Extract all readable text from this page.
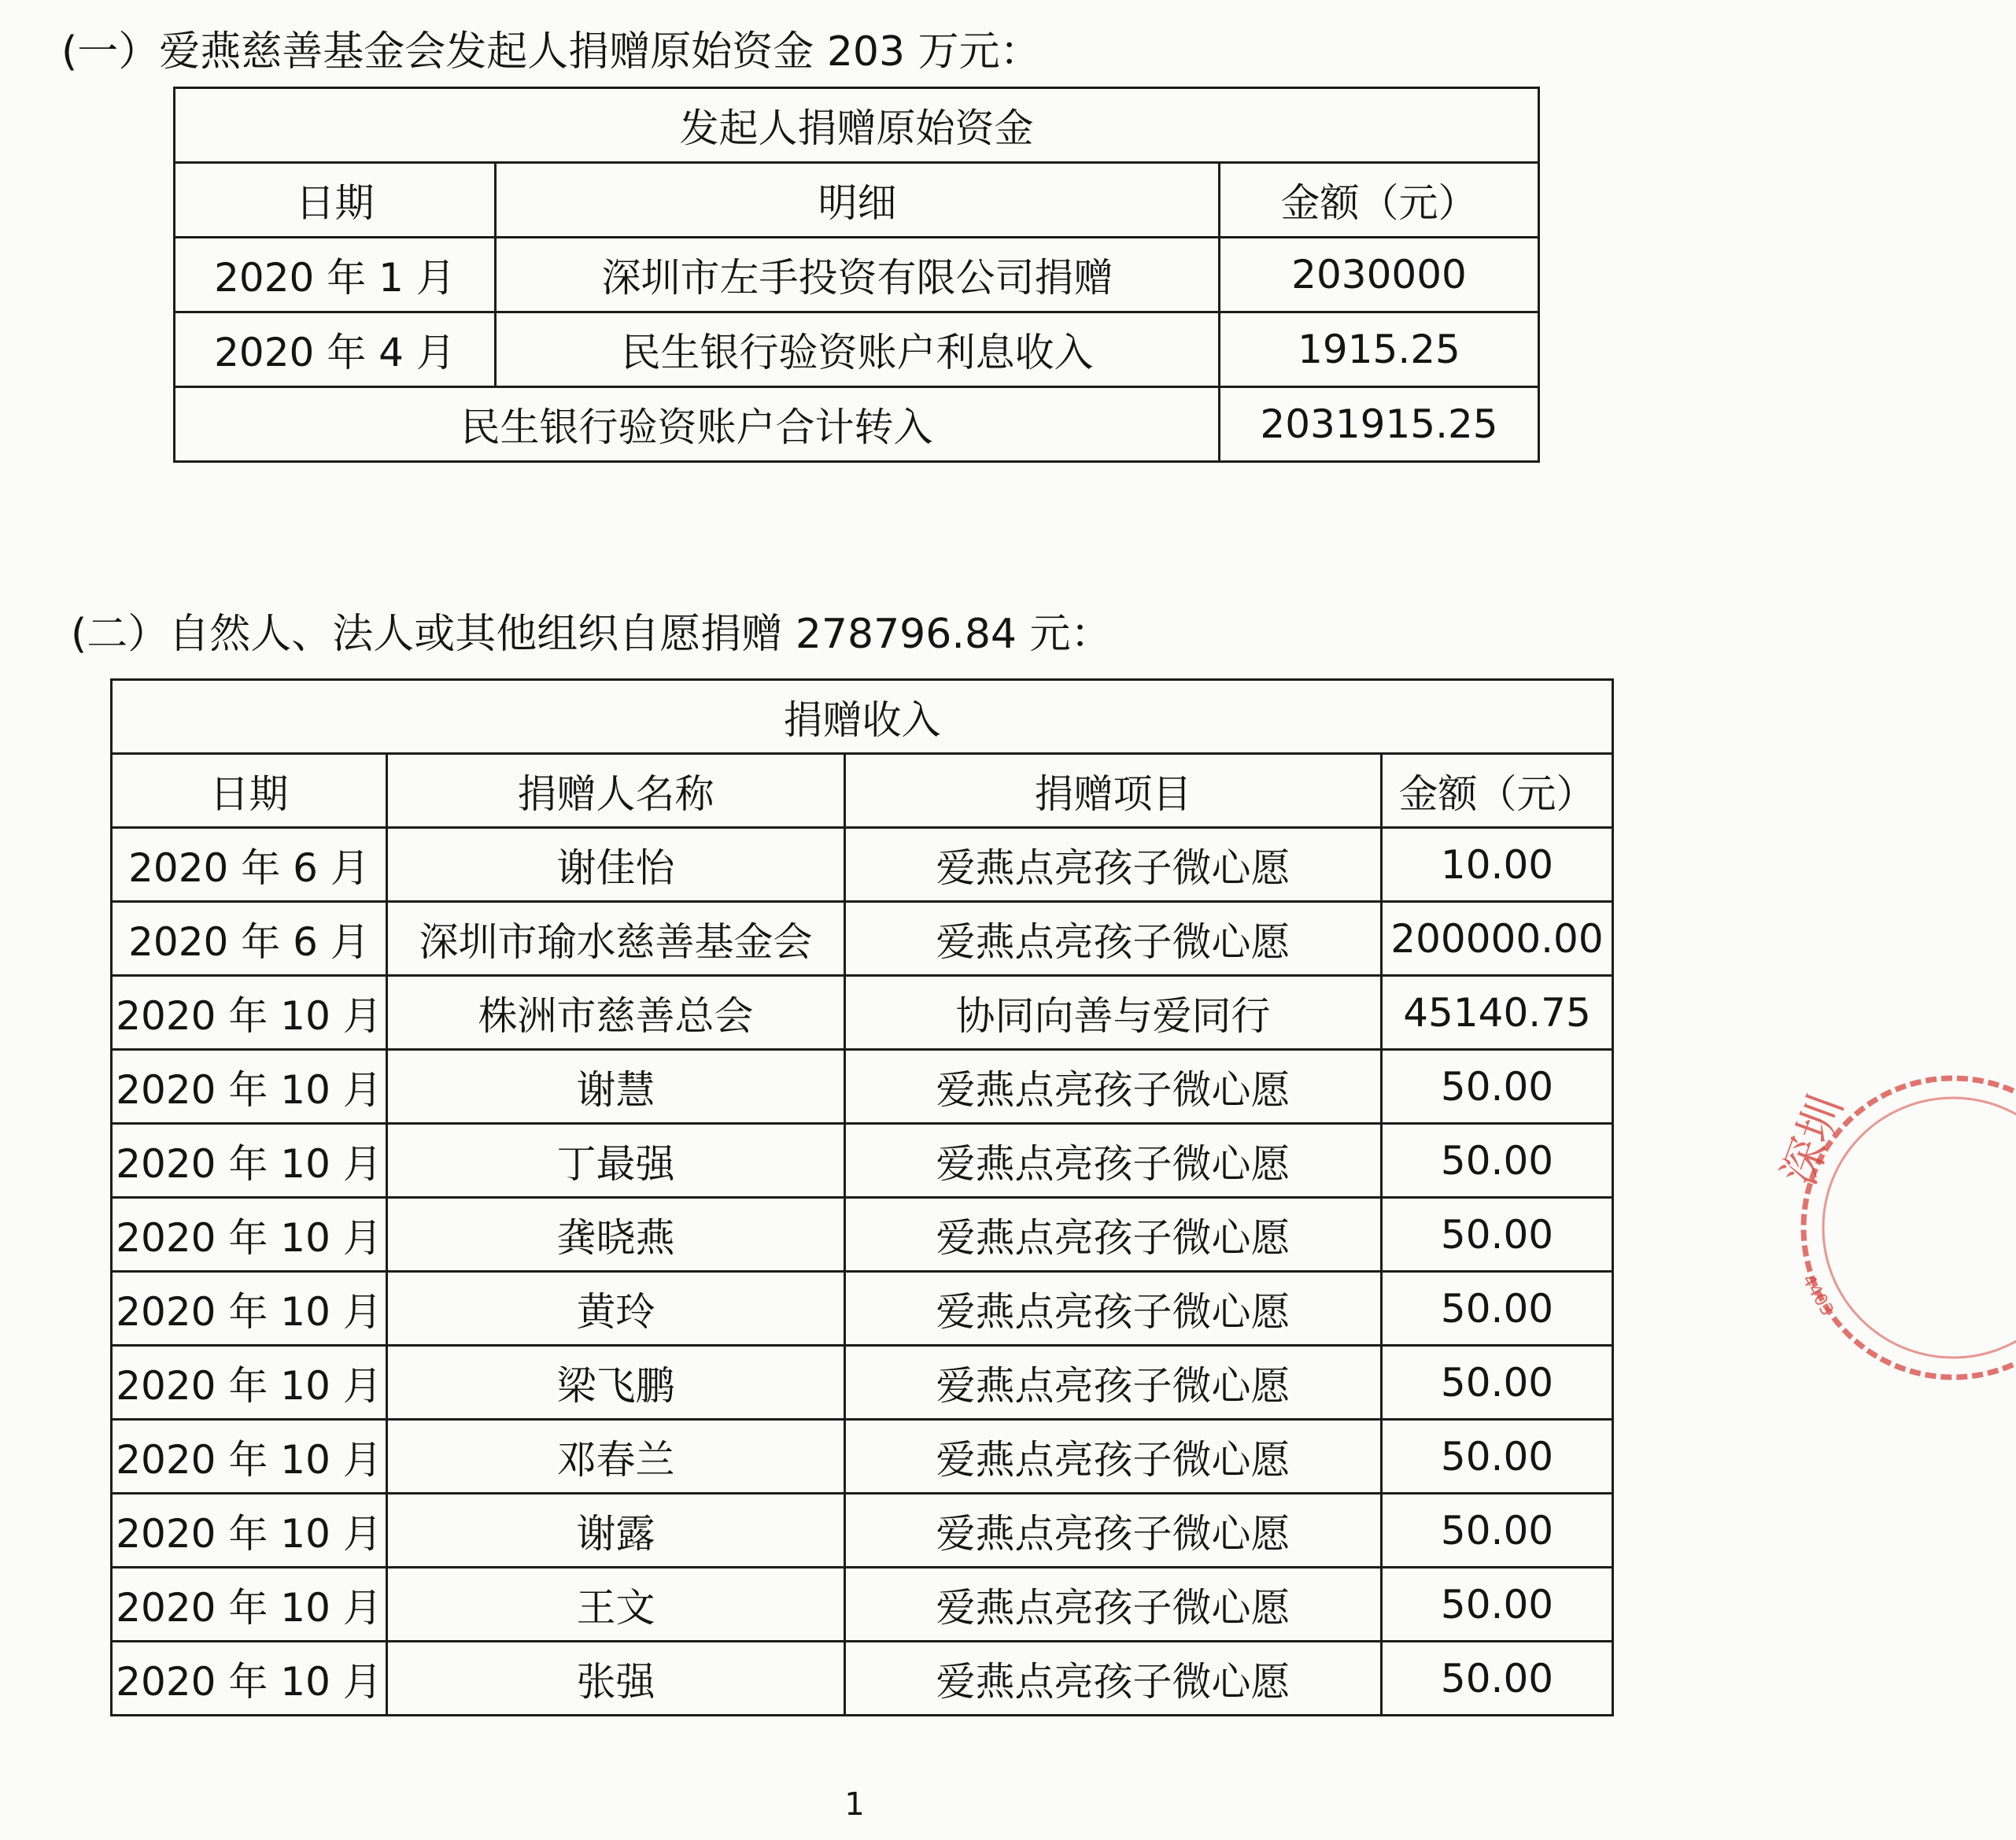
(一）爱燕慈善基金会发起人捐赠原始资金 203 万元：
发起人捐赠原始资金		
日期	明细	金额（元）
2020 年 1 月	深圳市左手投资有限公司捐赠	2030000
2020 年 4 月	民生银行验资账户利息收入	1915.25
民生银行验资账户合计转入		2031915.25
(二）自然人、法人或其他组织自愿捐赠 278796.84 元：
捐赠收入			
日期	捐赠人名称	捐赠项目	金额（元）
2020 年 6 月	谢佳怡	爱燕点亮孩子微心愿	10.00
2020 年 6 月	深圳市瑜水慈善基金会	爱燕点亮孩子微心愿	200000.00
2020 年 10 月	株洲市慈善总会	协同向善与爱同行	45140.75
2020 年 10 月	谢慧	爱燕点亮孩子微心愿	50.00
2020 年 10 月	丁最强	爱燕点亮孩子微心愿	50.00
2020 年 10 月	龚晓燕	爱燕点亮孩子微心愿	50.00
2020 年 10 月	黄玲	爱燕点亮孩子微心愿	50.00
2020 年 10 月	梁飞鹏	爱燕点亮孩子微心愿	50.00
2020 年 10 月	邓春兰	爱燕点亮孩子微心愿	50.00
2020 年 10 月	谢露	爱燕点亮孩子微心愿	50.00
2020 年 10 月	王文	爱燕点亮孩子微心愿	50.00
2020 年 10 月	张强	爱燕点亮孩子微心愿	50.00
1
深圳
4403
